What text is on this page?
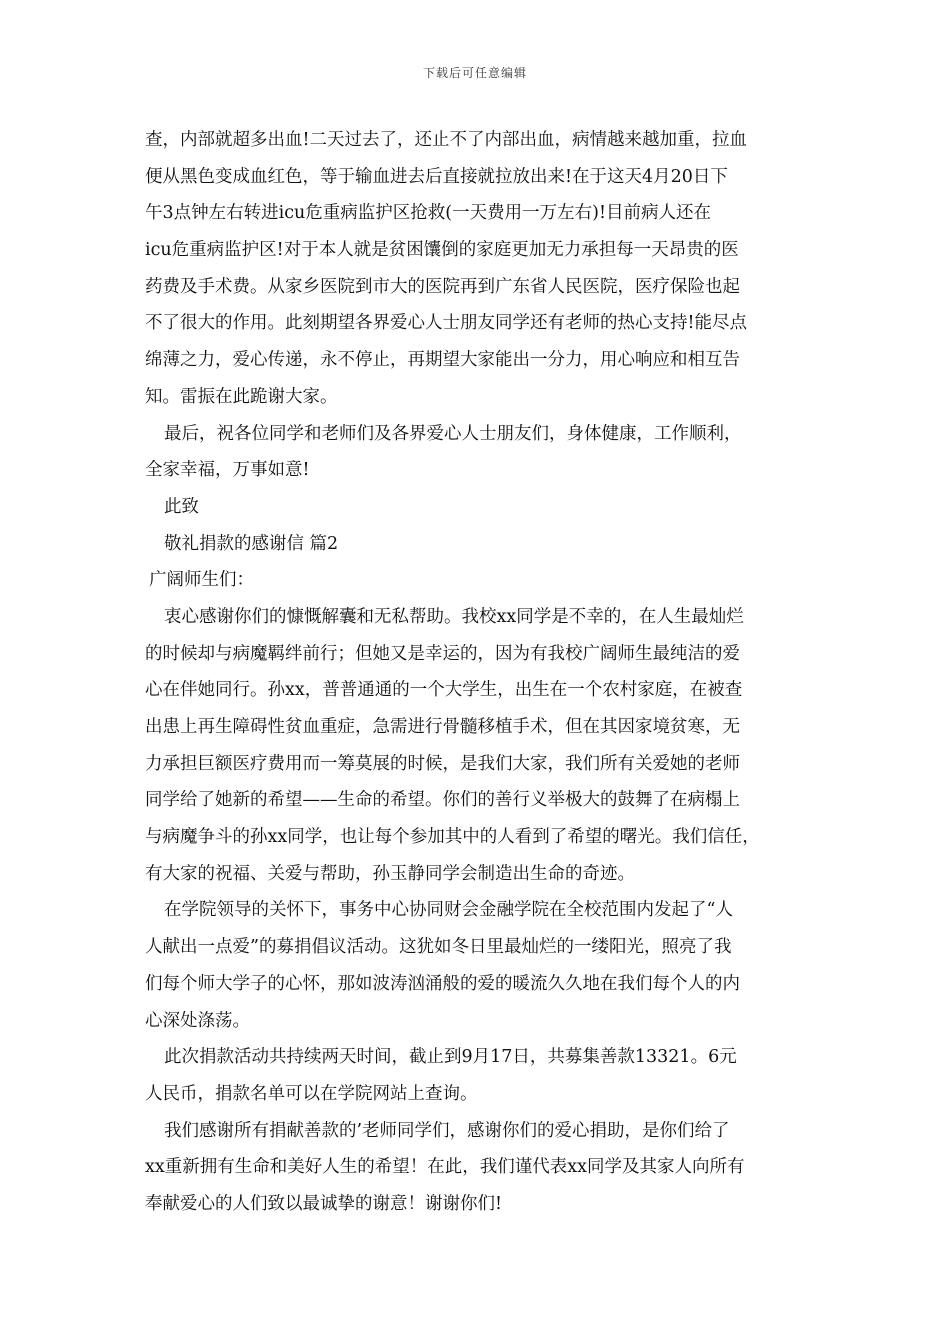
下载后可任意编辑
查，内部就超多出血!二天过去了，还止不了内部出血，病情越来越加重，拉血
便从黑色变成血红色，等于输血进去后直接就拉放出来!在于这天4月20日下
午3点钟左右转进icu危重病监护区抢救(一天费用一万左右)!目前病人还在
icu危重病监护区!对于本人就是贫困馕倒的家庭更加无力承担每一天昂贵的医
药费及手术费。从家乡医院到市大的医院再到广东省人民医院，医疗保险也起
不了很大的作用。此刻期望各界爱心人士朋友同学还有老师的热心支持!能尽点
绵薄之力，爱心传递，永不停止，再期望大家能出一分力，用心响应和相互告
知。雷振在此跪谢大家。
最后，祝各位同学和老师们及各界爱心人士朋友们，身体健康，工作顺利，
全家幸福，万事如意!
此致
敬礼捐款的感谢信 篇2
广阔师生们：
衷心感谢你们的慷慨解囊和无私帮助。我校xx同学是不幸的，在人生最灿烂
的时候却与病魔羁绊前行；但她又是幸运的，因为有我校广阔师生最纯洁的爱
心在伴她同行。孙xx，普普通通的一个大学生，出生在一个农村家庭，在被查
出患上再生障碍性贫血重症，急需进行骨髓移植手术，但在其因家境贫寒，无
力承担巨额医疗费用而一筹莫展的时候，是我们大家，我们所有关爱她的老师
同学给了她新的希望——生命的希望。你们的善行义举极大的鼓舞了在病榻上
与病魔争斗的孙xx同学，也让每个参加其中的人看到了希望的曙光。我们信任，
有大家的祝福、关爱与帮助，孙玉静同学会制造出生命的奇迹。
在学院领导的关怀下，事务中心协同财会金融学院在全校范围内发起了“人
人献出一点爱”的募捐倡议活动。这犹如冬日里最灿烂的一缕阳光，照亮了我
们每个师大学子的心怀，那如波涛汹涌般的爱的暖流久久地在我们每个人的内
心深处涤荡。
此次捐款活动共持续两天时间，截止到9月17日，共募集善款13321。6元
人民币，捐款名单可以在学院网站上查询。
我们感谢所有捐献善款的’老师同学们，感谢你们的爱心捐助，是你们给了
xx重新拥有生命和美好人生的希望！在此，我们谨代表xx同学及其家人向所有
奉献爱心的人们致以最诚挚的谢意！谢谢你们!
